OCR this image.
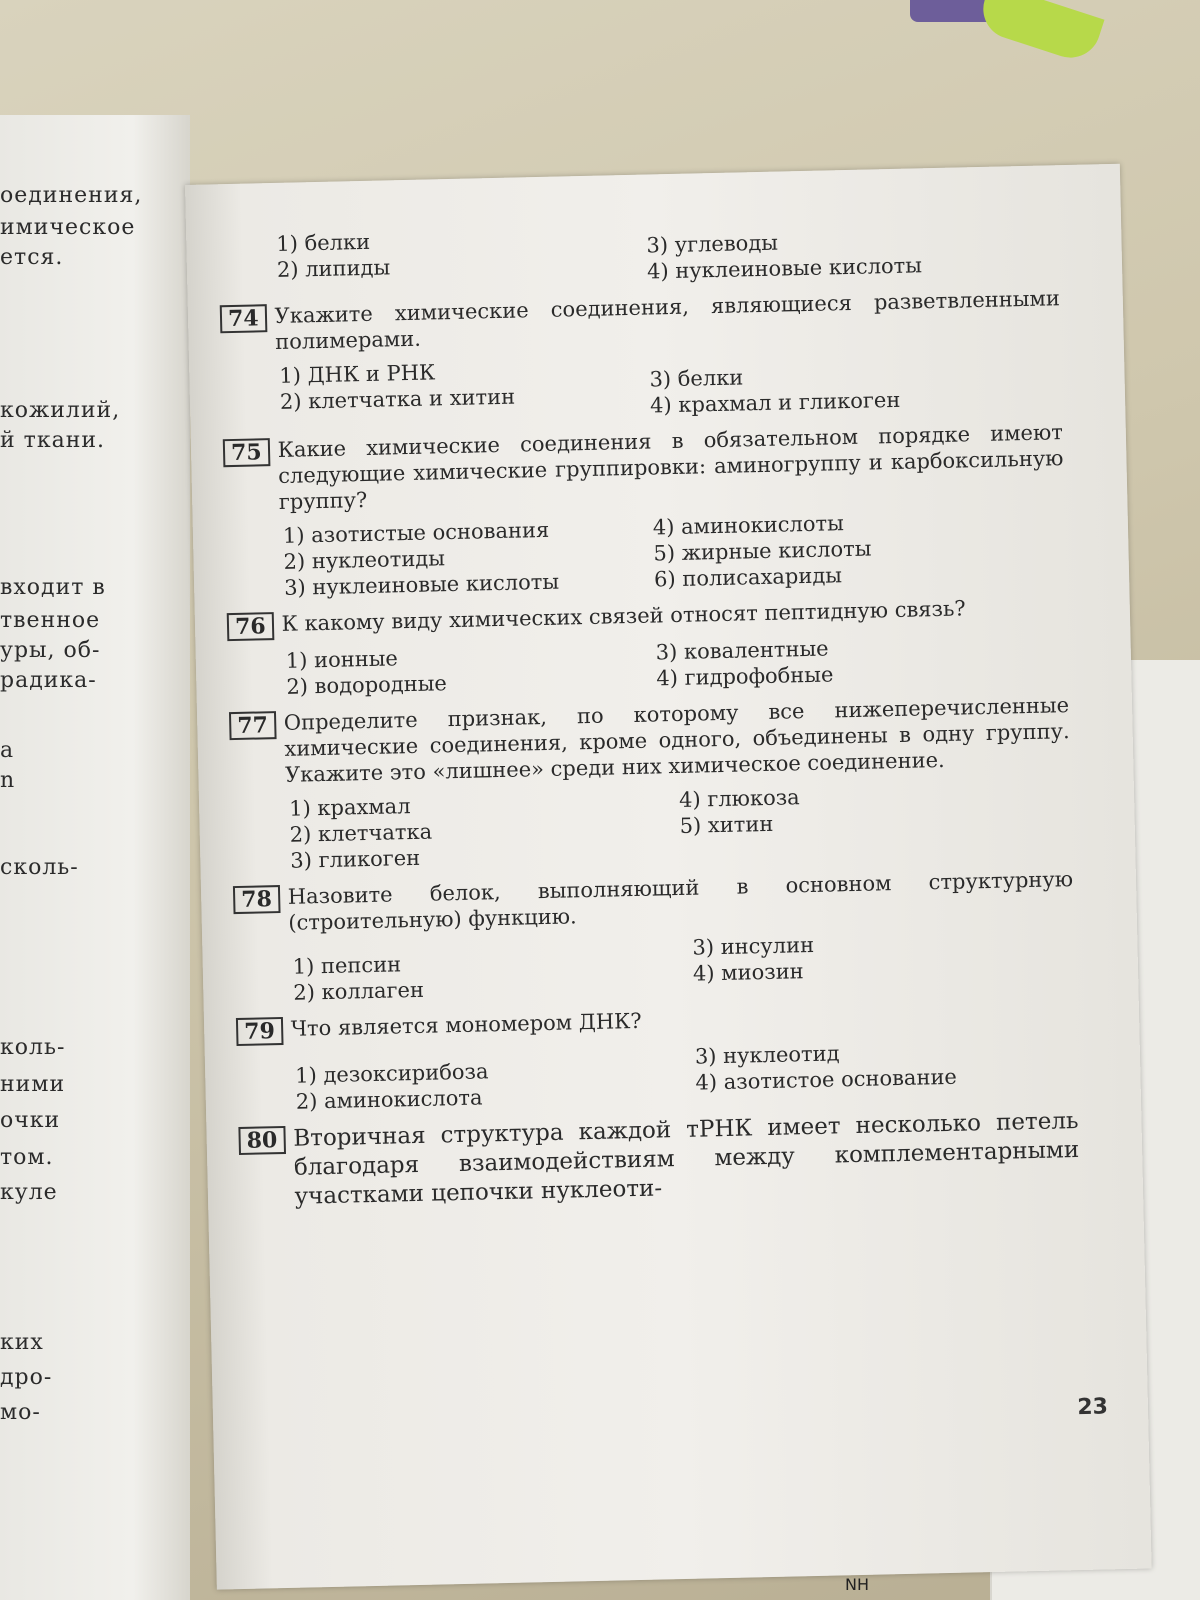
NH
оединения,
имическое
ется.
кожилий,
й ткани.
входит в
твенное
уры, об-
радика-
а
n
сколь-
коль-
ними
очки
том.
куле
ких
дро-
мо-
1) белки
2) липиды
3) углеводы
4) нуклеиновые кислоты
74 Укажите химические соединения, являющиеся разветвленными полимерами.
1) ДНК и РНК
2) клетчатка и хитин
3) белки
4) крахмал и гликоген
75 Какие химические соединения в обязательном порядке имеют следующие химические группировки: аминогруппу и карбоксильную группу?
1) азотистые основания
2) нуклеотиды
3) нуклеиновые кислоты
4) аминокислоты
5) жирные кислоты
6) полисахариды
76 К какому виду химических связей относят пептидную связь?
1) ионные
2) водородные
3) ковалентные
4) гидрофобные
77 Определите признак, по которому все нижеперечисленные химические соединения, кроме одного, объединены в одну группу. Укажите это «лишнее» среди них химическое соединение.
1) крахмал
2) клетчатка
3) гликоген
4) глюкоза
5) хитин
78 Назовите белок, выполняющий в основном структурную (строительную) функцию.
1) пепсин
2) коллаген
3) инсулин
4) миозин
79 Что является мономером ДНК?
1) дезоксирибоза
2) аминокислота
3) нуклеотид
4) азотистое основание
80 Вторичная структура каждой тРНК имеет несколько петель благодаря взаимодействиям между комплементарными участками цепочки нуклеоти-
23
